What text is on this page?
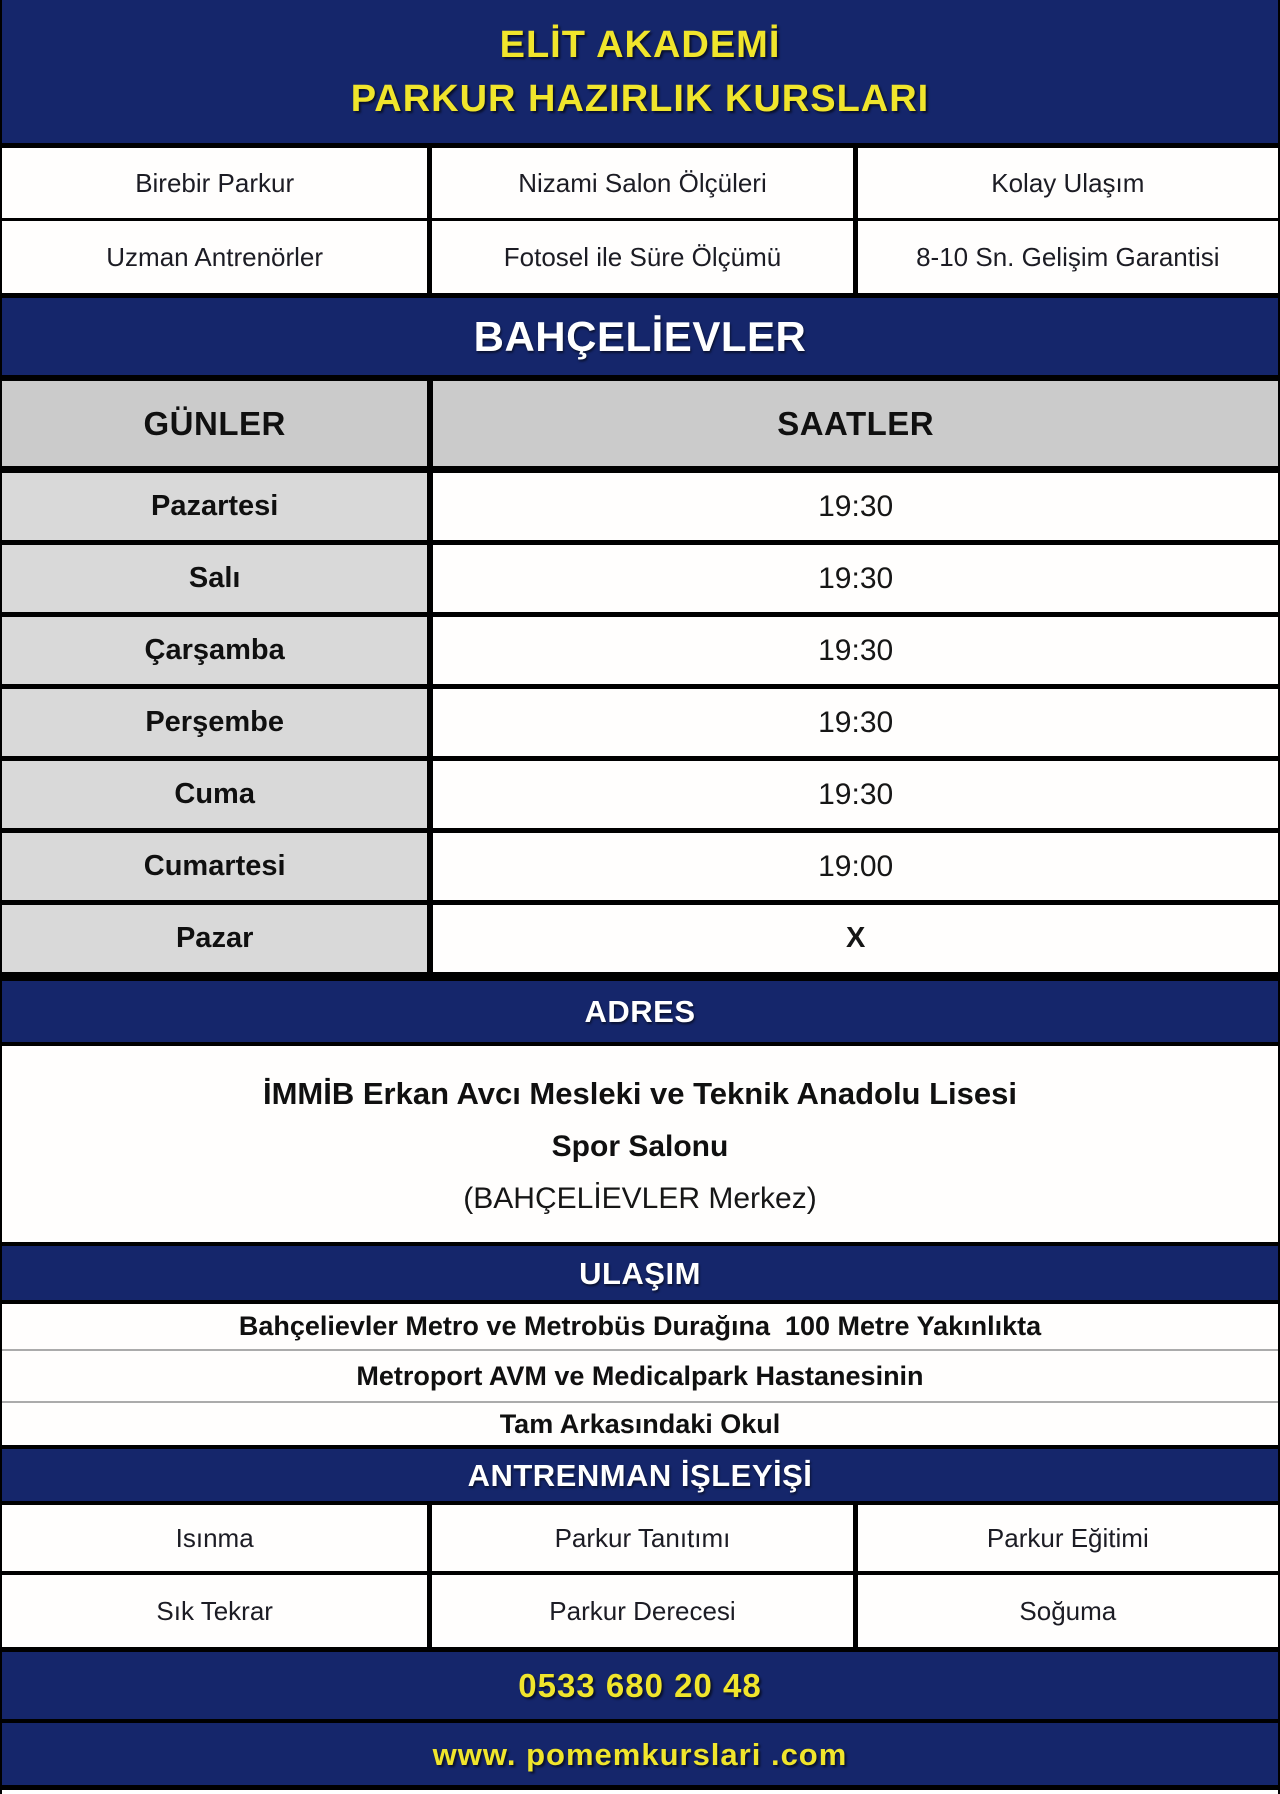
ELİT AKADEMİ
PARKUR HAZIRLIK KURSLARI
Birebir Parkur	Nizami Salon Ölçüleri	Kolay Ulaşım
Uzman Antrenörler	Fotosel ile Süre Ölçümü	8-10 Sn. Gelişim Garantisi
BAHÇELİEVLER
GÜNLER	SAATLER
Pazartesi	19:30
Salı	19:30
Çarşamba	19:30
Perşembe	19:30
Cuma	19:30
Cumartesi	19:00
Pazar	X
ADRES
İMMİB Erkan Avcı Mesleki ve Teknik Anadolu Lisesi
Spor Salonu
(BAHÇELİEVLER Merkez)
ULAŞIM
Bahçelievler Metro ve Metrobüs Durağına  100 Metre Yakınlıkta
Metroport AVM ve Medicalpark Hastanesinin
Tam Arkasındaki Okul
ANTRENMAN İŞLEYİŞİ
Isınma	Parkur Tanıtımı	Parkur Eğitimi
Sık Tekrar	Parkur Derecesi	Soğuma
0533 680 20 48
www. pomemkurslari .com
